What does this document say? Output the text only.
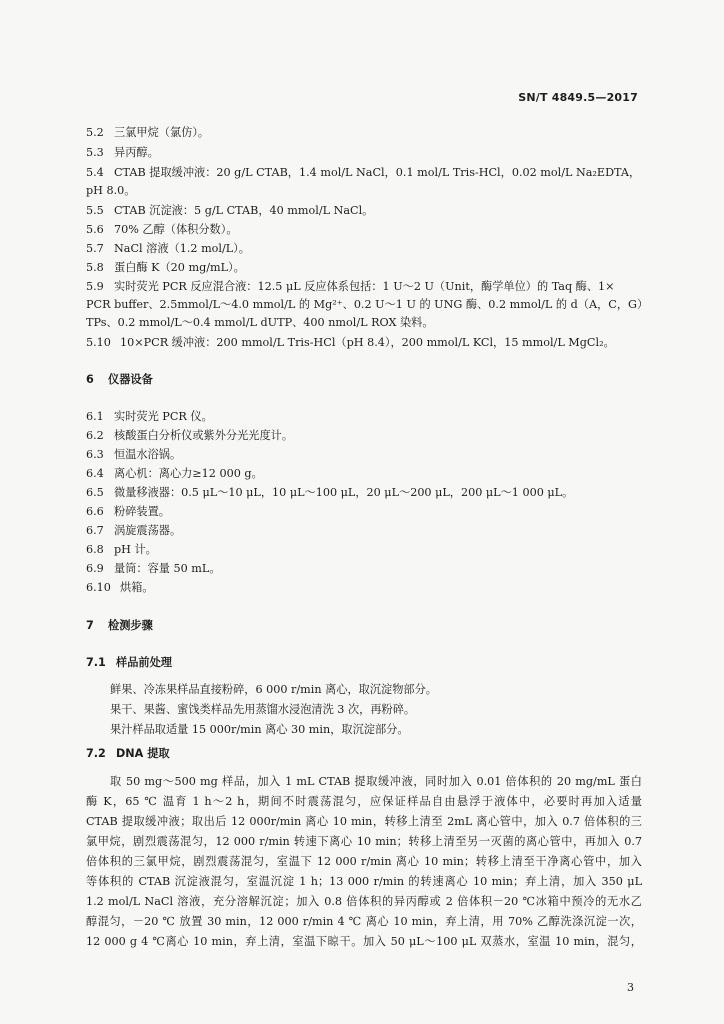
SN/T 4849.5—2017
5.2 三氯甲烷（氯仿）。
5.3 异丙醇。
5.4 CTAB 提取缓冲液：20 g/L CTAB，1.4 mol/L NaCl，0.1 mol/L Tris-HCl，0.02 mol/L Na₂EDTA，
pH 8.0。
5.5 CTAB 沉淀液：5 g/L CTAB，40 mmol/L NaCl。
5.6 70% 乙醇（体积分数）。
5.7 NaCl 溶液（1.2 mol/L）。
5.8 蛋白酶 K（20 mg/mL）。
5.9 实时荧光 PCR 反应混合液：12.5 μL 反应体系包括：1 U～2 U（Unit，酶学单位）的 Taq 酶、1×
PCR buffer、2.5mmol/L～4.0 mmol/L 的 Mg²⁺、0.2 U～1 U 的 UNG 酶、0.2 mmol/L 的 d（A，C，G）
TPs、0.2 mmol/L～0.4 mmol/L dUTP、400 nmol/L ROX 染料。
5.10 10×PCR 缓冲液：200 mmol/L Tris-HCl（pH 8.4），200 mmol/L KCl，15 mmol/L MgCl₂。
6 仪器设备
6.1 实时荧光 PCR 仪。
6.2 核酸蛋白分析仪或紫外分光光度计。
6.3 恒温水浴锅。
6.4 离心机：离心力≥12 000 g。
6.5 微量移液器：0.5 μL～10 μL，10 μL～100 μL，20 μL～200 μL，200 μL～1 000 μL。
6.6 粉碎装置。
6.7 涡旋震荡器。
6.8 pH 计。
6.9 量筒：容量 50 mL。
6.10 烘箱。
7 检测步骤
7.1 样品前处理
鲜果、冷冻果样品直接粉碎，6 000 r/min 离心，取沉淀物部分。
果干、果酱、蜜饯类样品先用蒸馏水浸泡清洗 3 次，再粉碎。
果汁样品取适量 15 000r/min 离心 30 min，取沉淀部分。
7.2 DNA 提取
取 50 mg～500 mg 样品，加入 1 mL CTAB 提取缓冲液，同时加入 0.01 倍体积的 20 mg/mL 蛋白
酶 K，65 ℃ 温育 1 h～2 h，期间不时震荡混匀，应保证样品自由悬浮于液体中，必要时再加入适量
CTAB 提取缓冲液；取出后 12 000r/min 离心 10 min，转移上清至 2mL 离心管中，加入 0.7 倍体积的三
氯甲烷，剧烈震荡混匀，12 000 r/min 转速下离心 10 min；转移上清至另一灭菌的离心管中，再加入 0.7
倍体积的三氯甲烷，剧烈震荡混匀，室温下 12 000 r/min 离心 10 min；转移上清至干净离心管中，加入
等体积的 CTAB 沉淀液混匀，室温沉淀 1 h；13 000 r/min 的转速离心 10 min；弃上清，加入 350 μL
1.2 mol/L NaCl 溶液，充分溶解沉淀；加入 0.8 倍体积的异丙醇或 2 倍体积－20 ℃冰箱中预冷的无水乙
醇混匀，－20 ℃ 放置 30 min，12 000 r/min 4 ℃ 离心 10 min，弃上清，用 70% 乙醇洗涤沉淀一次，
12 000 g 4 ℃离心 10 min，弃上清，室温下晾干。加入 50 μL～100 μL 双蒸水，室温 10 min，混匀，
3
